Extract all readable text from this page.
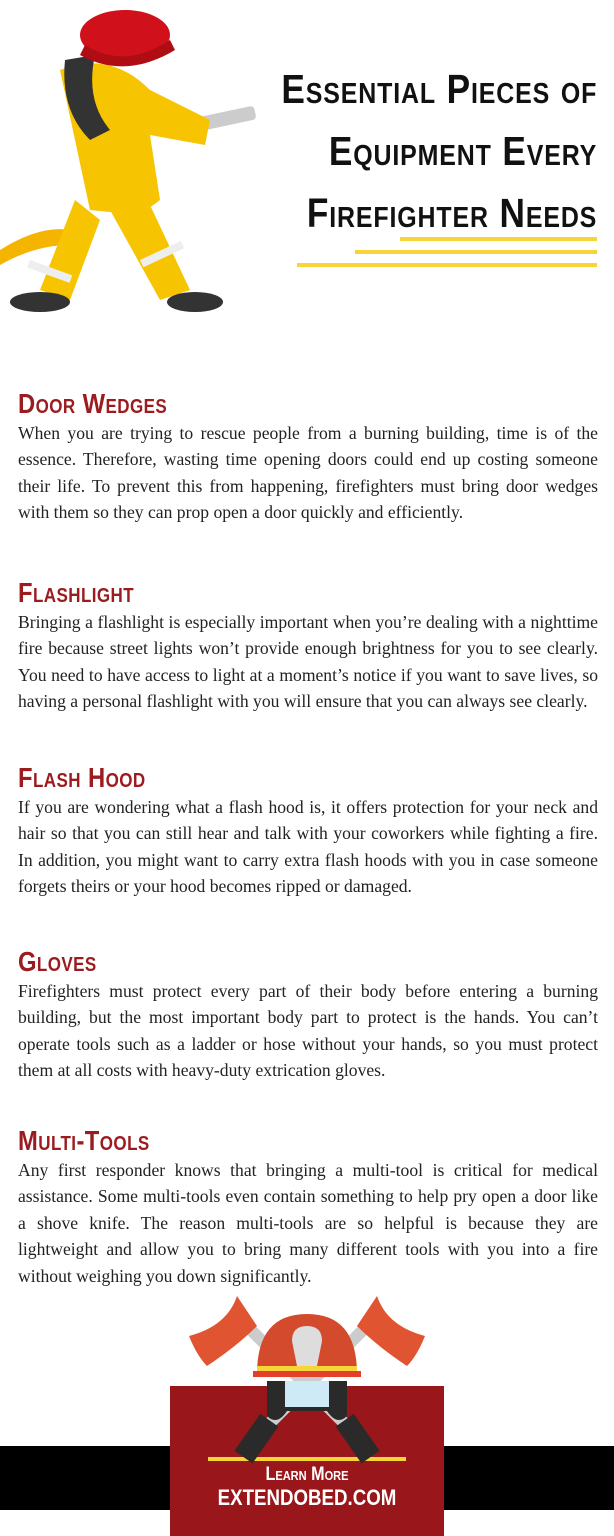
Essential Pieces of
Equipment Every
Firefighter Needs
Door Wedges

When you are trying to rescue people from a burning building, time is of the essence. Therefore, wasting time opening doors could end up costing someone their life. To prevent this from happening, firefighters must bring door wedges with them so they can prop open a door quickly and efficiently.

Flashlight

Bringing a flashlight is especially important when you’re dealing with a nighttime fire because street lights won’t provide enough brightness for you to see clearly. You need to have access to light at a moment’s notice if you want to save lives, so having a personal flashlight with you will ensure that you can always see clearly.

Flash Hood

If you are wondering what a flash hood is, it offers protection for your neck and hair so that you can still hear and talk with your coworkers while fighting a fire. In addition, you might want to carry extra flash hoods with you in case someone forgets theirs or your hood becomes ripped or damaged.

Gloves

Firefighters must protect every part of their body before entering a burning building, but the most important body part to protect is the hands. You can’t operate tools such as a ladder or hose without your hands, so you must protect them at all costs with heavy-duty extrication gloves.

Multi-Tools

Any first responder knows that bringing a multi-tool is critical for medical assistance. Some multi-tools even contain something to help pry open a door like a shove knife. The reason multi-tools are so helpful is because they are lightweight and allow you to bring many different tools with you into a fire without weighing you down significantly.

Learn More
EXTENDOBED.COM
